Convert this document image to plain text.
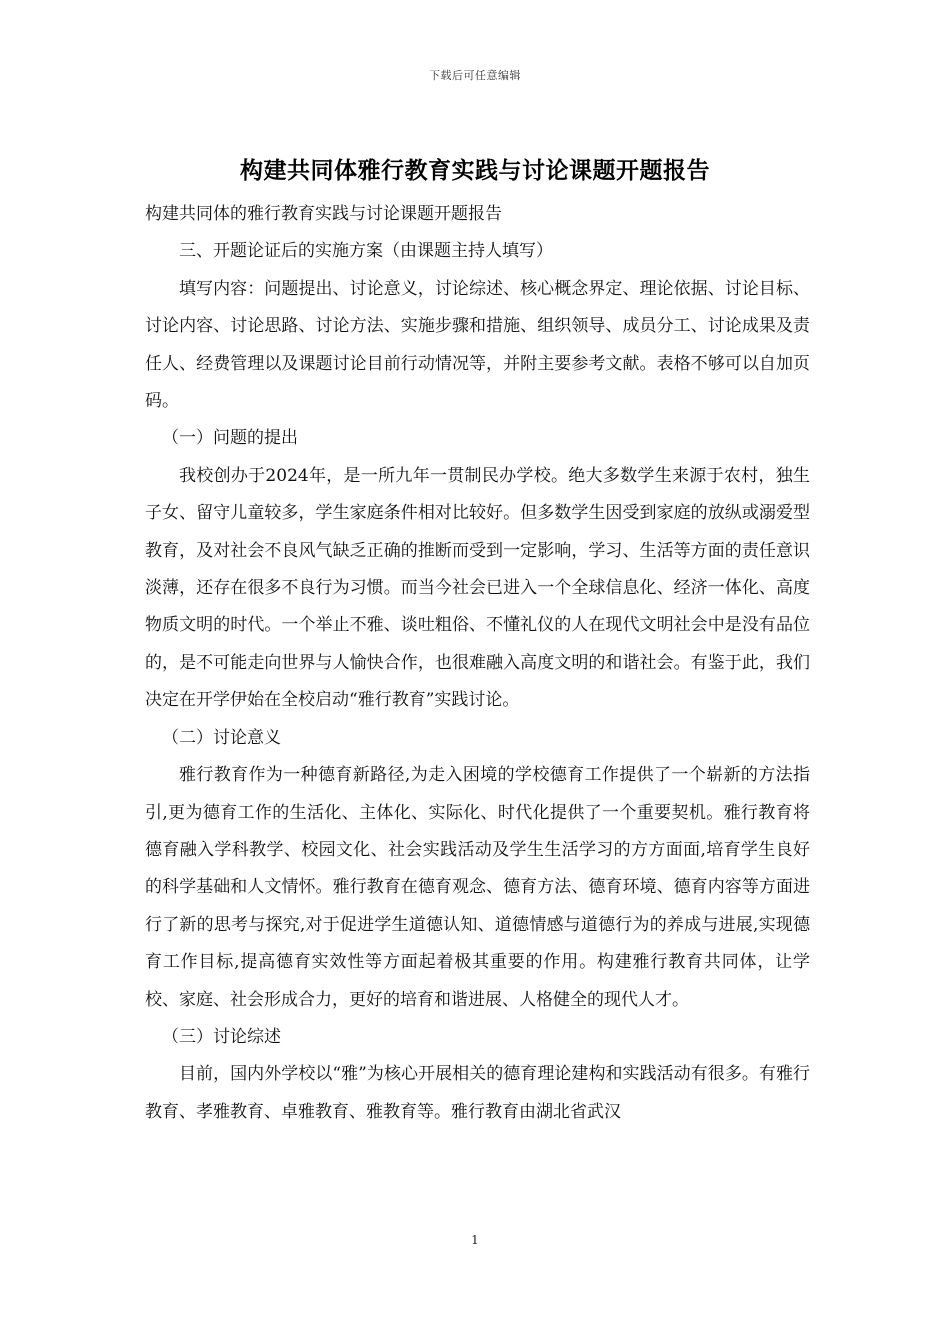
下载后可任意编辑
构建共同体雅行教育实践与讨论课题开题报告

构建共同体的雅行教育实践与讨论课题开题报告

三、开题论证后的实施方案（由课题主持人填写）

填写内容：问题提出、讨论意义，讨论综述、核心概念界定、理论依据、讨论目标、讨论内容、讨论思路、讨论方法、实施步骤和措施、组织领导、成员分工、讨论成果及责任人、经费管理以及课题讨论目前行动情况等，并附主要参考文献。表格不够可以自加页码。

（一）问题的提出

我校创办于2024年，是一所九年一贯制民办学校。绝大多数学生来源于农村，独生子女、留守儿童较多，学生家庭条件相对比较好。但多数学生因受到家庭的放纵或溺爱型教育，及对社会不良风气缺乏正确的推断而受到一定影响，学习、生活等方面的责任意识淡薄，还存在很多不良行为习惯。而当今社会已进入一个全球信息化、经济一体化、高度物质文明的时代。一个举止不雅、谈吐粗俗、不懂礼仪的人在现代文明社会中是没有品位的，是不可能走向世界与人愉快合作，也很难融入高度文明的和谐社会。有鉴于此，我们决定在开学伊始在全校启动“雅行教育”实践讨论。

（二）讨论意义

雅行教育作为一种德育新路径,为走入困境的学校德育工作提供了一个崭新的方法指引,更为德育工作的生活化、主体化、实际化、时代化提供了一个重要契机。雅行教育将德育融入学科教学、校园文化、社会实践活动及学生生活学习的方方面面,培育学生良好的科学基础和人文情怀。雅行教育在德育观念、德育方法、德育环境、德育内容等方面进行了新的思考与探究,对于促进学生道德认知、道德情感与道德行为的养成与进展,实现德育工作目标,提高德育实效性等方面起着极其重要的作用。构建雅行教育共同体，让学校、家庭、社会形成合力，更好的培育和谐进展、人格健全的现代人才。

（三）讨论综述

目前，国内外学校以“雅”为核心开展相关的德育理论建构和实践活动有很多。有雅行教育、孝雅教育、卓雅教育、雅教育等。雅行教育由湖北省武汉

1
